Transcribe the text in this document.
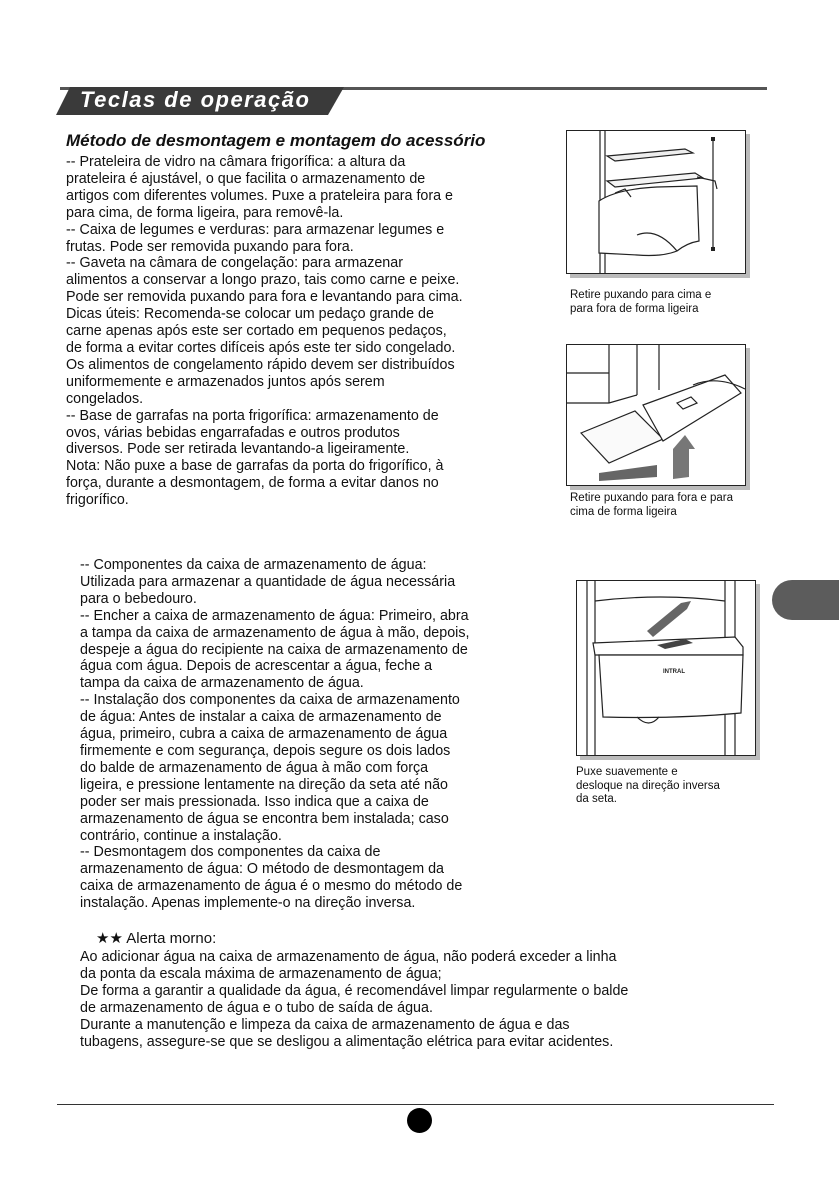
Teclas de operação
Método de desmontagem e montagem do acessório
-- Prateleira de vidro na câmara frigorífica: a altura da
prateleira é ajustável, o que facilita o armazenamento de
artigos com diferentes volumes. Puxe a prateleira para fora e
para cima, de forma ligeira, para removê-la.
-- Caixa de legumes e verduras: para armazenar legumes e
frutas. Pode ser removida puxando para fora.
-- Gaveta na câmara de congelação: para armazenar
alimentos a conservar a longo prazo, tais como carne e peixe.
Pode ser removida puxando para fora e levantando para cima.
Dicas úteis: Recomenda-se colocar um pedaço grande de
carne apenas após este ser cortado em pequenos pedaços,
de forma a evitar cortes difíceis após este ter sido congelado.
Os alimentos de congelamento rápido devem ser distribuídos
uniformemente e armazenados juntos após serem
congelados.
-- Base de garrafas na porta frigorífica: armazenamento de
ovos, várias bebidas engarrafadas e outros produtos
diversos. Pode ser retirada levantando-a ligeiramente.
Nota: Não puxe a base de garrafas da porta do frigorífico, à
força, durante a desmontagem, de forma a evitar danos no
frigorífico.
Retire puxando para cima e
para fora de forma ligeira
Retire puxando para fora e para
cima de forma ligeira
-- Componentes da caixa de armazenamento de água:
Utilizada para armazenar a quantidade de água necessária
para o bebedouro.
-- Encher a caixa de armazenamento de água: Primeiro, abra
a tampa da caixa de armazenamento de água à mão, depois,
despeje a água do recipiente na caixa de armazenamento de
água com água. Depois de acrescentar a água, feche a
tampa da caixa de armazenamento de água.
-- Instalação dos componentes da caixa de armazenamento
de água: Antes de instalar a caixa de armazenamento de
água, primeiro, cubra a caixa de armazenamento de água
firmemente e com segurança, depois segure os dois lados
do balde de armazenamento de água à mão com força
ligeira, e pressione lentamente na direção da seta até não
poder ser mais pressionada. Isso indica que a caixa de
armazenamento de água se encontra bem instalada; caso
contrário, continue a instalação.
-- Desmontagem dos componentes da caixa de
armazenamento de água: O método de desmontagem da
caixa de armazenamento de água é o mesmo do método de
instalação. Apenas implemente-o na direção inversa.
INTRAL
Puxe suavemente e
desloque na direção inversa
da seta.
★★ Alerta morno:
Ao adicionar água na caixa de armazenamento de água, não poderá exceder a linha
da ponta da escala máxima de armazenamento de água;
De forma a garantir a qualidade da água, é recomendável limpar regularmente o balde
de armazenamento de água e o tubo de saída de água.
Durante a manutenção e limpeza da caixa de armazenamento de água e das
tubagens, assegure-se que se desligou a alimentação elétrica para evitar acidentes.
